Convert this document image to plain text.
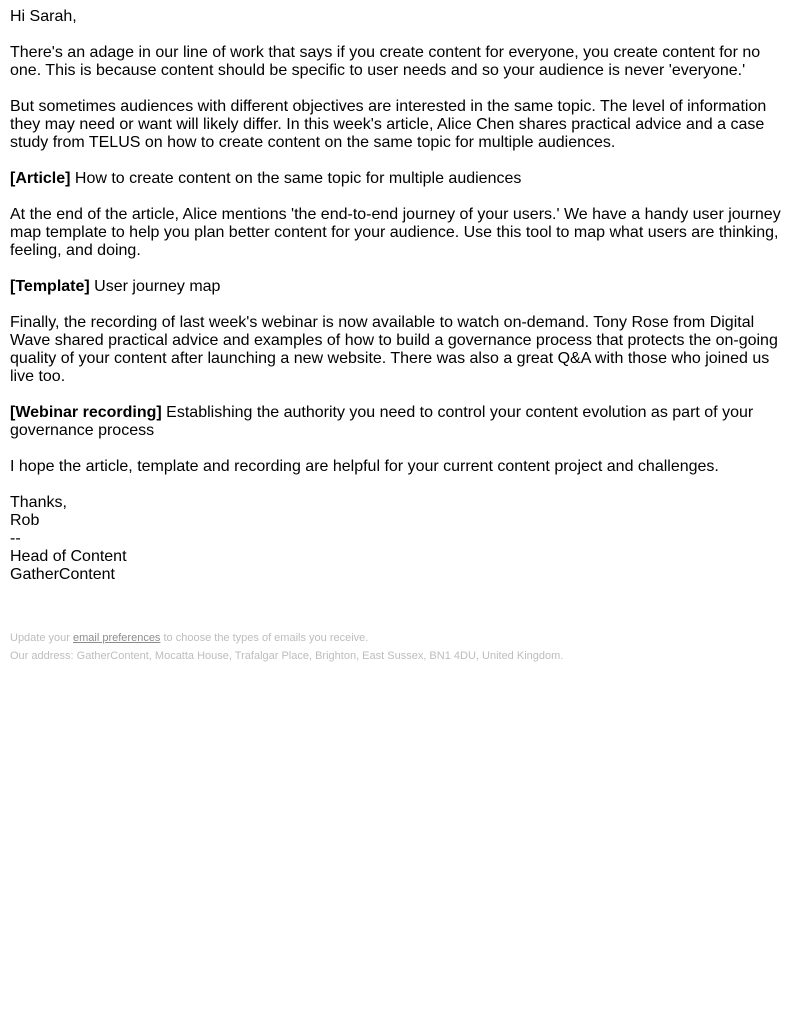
Hi Sarah,

There's an adage in our line of work that says if you create content for everyone, you create content for no one. This is because content should be specific to user needs and so your audience is never 'everyone.'

But sometimes audiences with different objectives are interested in the same topic. The level of information they may need or want will likely differ. In this week's article, Alice Chen shares practical advice and a case study from TELUS on how to create content on the same topic for multiple audiences.

[Article] How to create content on the same topic for multiple audiences

At the end of the article, Alice mentions 'the end-to-end journey of your users.' We have a handy user journey map template to help you plan better content for your audience. Use this tool to map what users are thinking, feeling, and doing.

[Template] User journey map

Finally, the recording of last week's webinar is now available to watch on-demand. Tony Rose from Digital Wave shared practical advice and examples of how to build a governance process that protects the on-going quality of your content after launching a new website. There was also a great Q&A with those who joined us live too.

[Webinar recording] Establishing the authority you need to control your content evolution as part of your governance process

I hope the article, template and recording are helpful for your current content project and challenges.

Thanks,

Rob

--

Head of Content

GatherContent

Update your email preferences to choose the types of emails you receive.

Our address: GatherContent, Mocatta House, Trafalgar Place, Brighton, East Sussex, BN1 4DU, United Kingdom.
